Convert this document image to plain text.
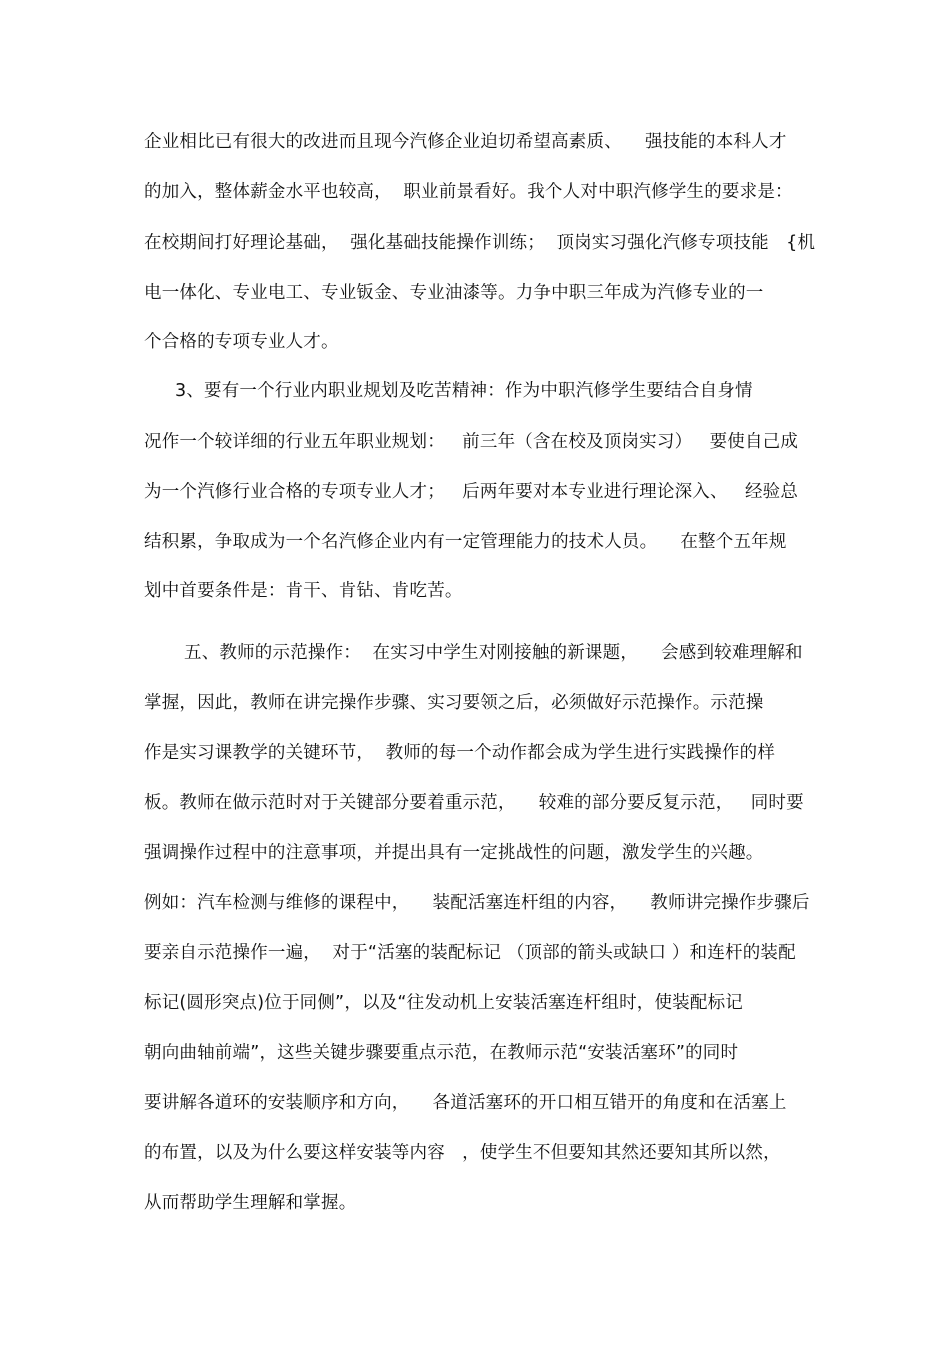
企业相比已有很大的改进而且现今汽修企业迫切希望高素质、    强技能的本科人才
的加入，整体薪金水平也较高，  职业前景看好。我个人对中职汽修学生的要求是：
在校期间打好理论基础，  强化基础技能操作训练；  顶岗实习强化汽修专项技能   {机
电一体化、专业电工、专业钣金、专业油漆等。力争中职三年成为汽修专业的一
个合格的专项专业人才。
3、要有一个行业内职业规划及吃苦精神：作为中职汽修学生要结合自身情
况作一个较详细的行业五年职业规划：   前三年（含在校及顶岗实习）   要使自己成
为一个汽修行业合格的专项专业人才；   后两年要对本专业进行理论深入、   经验总
结积累，争取成为一个名汽修企业内有一定管理能力的技术人员。    在整个五年规
划中首要条件是：肯干、肯钻、肯吃苦。
五、教师的示范操作：  在实习中学生对刚接触的新课题，    会感到较难理解和
掌握，因此，教师在讲完操作步骤、实习要领之后，必须做好示范操作。示范操
作是实习课教学的关键环节，  教师的每一个动作都会成为学生进行实践操作的样
板。教师在做示范时对于关键部分要着重示范，    较难的部分要反复示范，   同时要
强调操作过程中的注意事项，并提出具有一定挑战性的问题，激发学生的兴趣。
例如：汽车检测与维修的课程中，    装配活塞连杆组的内容，    教师讲完操作步骤后
要亲自示范操作一遍，  对于“活塞的装配标记 （顶部的箭头或缺口 ）和连杆的装配
标记(圆形突点)位于同侧”，以及“往发动机上安装活塞连杆组时，使装配标记
朝向曲轴前端”，这些关键步骤要重点示范，在教师示范“安装活塞环”的同时
要讲解各道环的安装顺序和方向，    各道活塞环的开口相互错开的角度和在活塞上
的布置，以及为什么要这样安装等内容   ，使学生不但要知其然还要知其所以然，
从而帮助学生理解和掌握。
